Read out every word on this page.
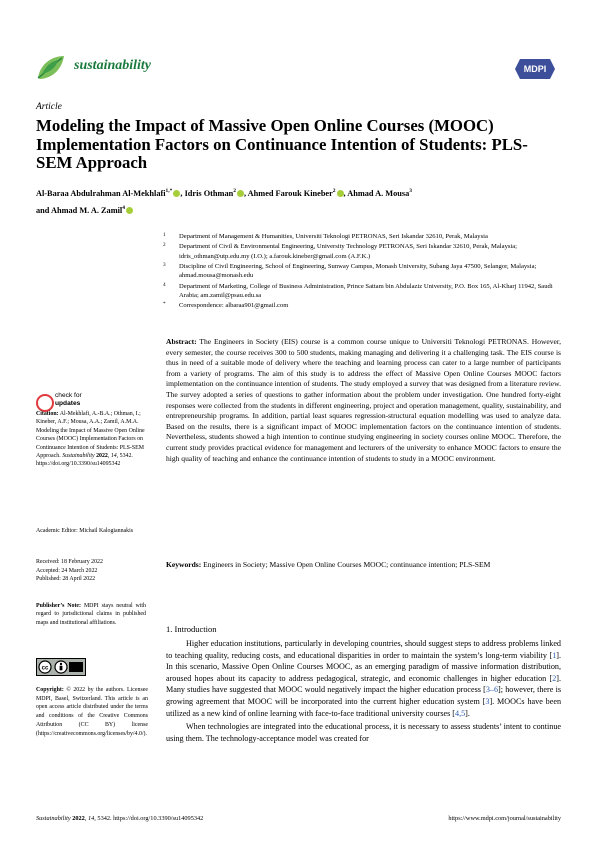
sustainability	MDPI
Article
Modeling the Impact of Massive Open Online Courses (MOOC) Implementation Factors on Continuance Intention of Students: PLS-SEM Approach
Al-Baraa Abdulrahman Al-Mekhlafi$^{1,*}$ , Idris Othman$^2$ , Ahmed Farouk Kineber$^2$ , Ahmad A. Mousa$^3$
and Ahmad M. A. Zamil$^4$
1 Department of Management & Humanities, Universiti Teknologi PETRONAS, Seri Iskandar 32610, Perak, Malaysia
2 Department of Civil & Environmental Engineering, University Technology PETRONAS, Seri Iskandar 32610, Perak, Malaysia; idris_othman@utp.edu.my (I.O.); a.farouk.kineber@gmail.com (A.F.K.)
3 Discipline of Civil Engineering, School of Engineering, Sunway Campus, Monash University, Subang Jaya 47500, Selangor, Malaysia; ahmad.mousa@monash.edu
4 Department of Marketing, College of Business Administration, Prince Sattam bin Abdulaziz University, P.O. Box 165, Al-Kharj 11942, Saudi Arabia; am.zamil@psau.edu.sa
* Correspondence: albaraa901@gmail.com
Abstract: The Engineers in Society (EIS) course is a common course unique to Universiti Teknologi PETRONAS. However, every semester, the course receives 300 to 500 students, making managing and delivering it a challenging task. The EIS course is thus in need of a suitable mode of delivery where the teaching and learning process can cater to a large number of participants from a variety of programs. The aim of this study is to address the effect of Massive Open Online Courses MOOC factors implementation on the continuance intention of students. The study employed a survey that was designed from a literature review. The survey adopted a series of questions to gather information about the problem under investigation. One hundred forty-eight responses were collected from the students in different engineering, project and operation management, quality, sustainability, and entrepreneurship programs. In addition, partial least squares regression-structural equation modelling was used to analyze data. Based on the results, there is a significant impact of MOOC implementation factors on the continuance intention of students. Nevertheless, students showed a high intention to continue studying engineering in society courses online MOOC. Therefore, the current study provides practical evidence for management and lecturers of the university to enhance MOOC factors to ensure the high quality of teaching and enhance the continuance intention of students to study in a MOOC environment.
Keywords: Engineers in Society; Massive Open Online Courses MOOC; continuance intention; PLS-SEM
check for
updates
Citation: Al-Mekhlafi, A.-B.A.; Othman, I.; Kineber, A.F.; Mousa, A.A.; Zamil, A.M.A. Modeling the Impact of Massive Open Online Courses (MOOC) Implementation Factors on Continuance Intention of Students: PLS-SEM Approach. Sustainability 2022, 14, 5342. https://doi.org/10.3390/su14095342
Academic Editor: Michail Kalogiannakis
Received: 18 February 2022
Accepted: 24 March 2022
Published: 28 April 2022
Publisher’s Note: MDPI stays neutral with regard to jurisdictional claims in published maps and institutional affiliations.
cc
Copyright: © 2022 by the authors. Licensee MDPI, Basel, Switzerland. This article is an open access article distributed under the terms and conditions of the Creative Commons Attribution (CC BY) license (https://creativecommons.org/licenses/by/4.0/).
1. Introduction

Higher education institutions, particularly in developing countries, should suggest steps to address problems linked to teaching quality, reducing costs, and educational disparities in order to maintain the system’s long-term viability [1]. In this scenario, Massive Open Online Courses MOOC, as an emerging paradigm of massive information distribution, aroused hopes about its capacity to address pedagogical, strategic, and economic challenges in higher education [2]. Many studies have suggested that MOOC would negatively impact the higher education process [3–6]; however, there is growing agreement that MOOC will be incorporated into the current higher education system [3]. MOOCs have been utilized as a new kind of online learning with face-to-face traditional university courses [4,5].

When technologies are integrated into the educational process, it is necessary to assess students’ intent to continue using them. The technology-acceptance model was created for

Sustainability 2022, 14, 5342. https://doi.org/10.3390/su14095342	https://www.mdpi.com/journal/sustainability
